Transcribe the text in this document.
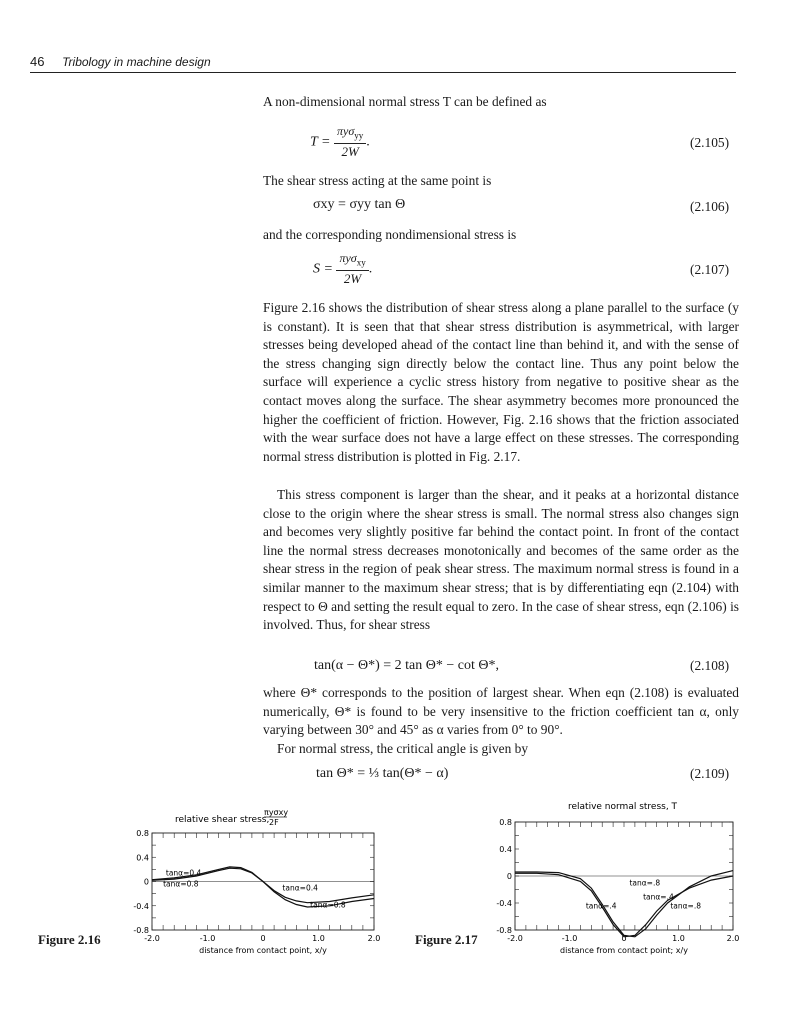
46 Tribology in machine design

A non-dimensional normal stress T can be defined as

$T = \frac{\pi y\sigma_{yy}}{2W}$ .	(2.105)

The shear stress acting at the same point is

σxy = σyy tan Θ	(2.106)

and the corresponding nondimensional stress is

$S = \frac{\pi y\sigma_{xy}}{2W}$ .	(2.107)

Figure 2.16 shows the distribution of shear stress along a plane parallel to the surface (y is constant). It is seen that that shear stress distribution is asymmetrical, with larger stresses being developed ahead of the contact line than behind it, and with the sense of the stress changing sign directly below the contact line. Thus any point below the surface will experience a cyclic stress history from negative to positive shear as the contact moves along the surface. The shear asymmetry becomes more pronounced the higher the coefficient of friction. However, Fig. 2.16 shows that the friction associated with the wear surface does not have a large effect on these stresses. The corresponding normal stress distribution is plotted in Fig. 2.17.

This stress component is larger than the shear, and it peaks at a horizontal distance close to the origin where the shear stress is small. The normal stress also changes sign and becomes very slightly positive far behind the contact point. In front of the contact line the normal stress decreases monotonically and becomes of the same order as the shear stress in the region of peak shear stress. The maximum normal stress is found in a similar manner to the maximum shear stress; that is by differentiating eqn (2.104) with respect to Θ and setting the result equal to zero. In the case of shear stress, eqn (2.106) is involved. Thus, for shear stress

tan(α − Θ*) = 2 tan Θ* − cot Θ*,	(2.108)

where Θ* corresponds to the position of largest shear. When eqn (2.108) is evaluated numerically, Θ* is found to be very insensitive to the friction coefficient tan α, only varying between 30° and 45° as α varies from 0° to 90°.

For normal stress, the critical angle is given by

tan Θ* = ⅓ tan(Θ* − α)	(2.109)
relative shear stress,
πyσxy
2F
-2.0	-1.0	0	1.0	2.0
0.8
0.4
0
-0.4
-0.8
distance from contact point, x/y
tanα=0.4
tanα=0.8	tanα=0.4
tanα=0.8
Figure 2.16
relative normal stress, T
-2.0	-1.0	0	1.0	2.0
0.8
0.4
0
-0.4
-0.8
distance from contact point; x/y
tanα=.8
tanα=.4
tanα=.4
tanα=.8
Figure 2.17
